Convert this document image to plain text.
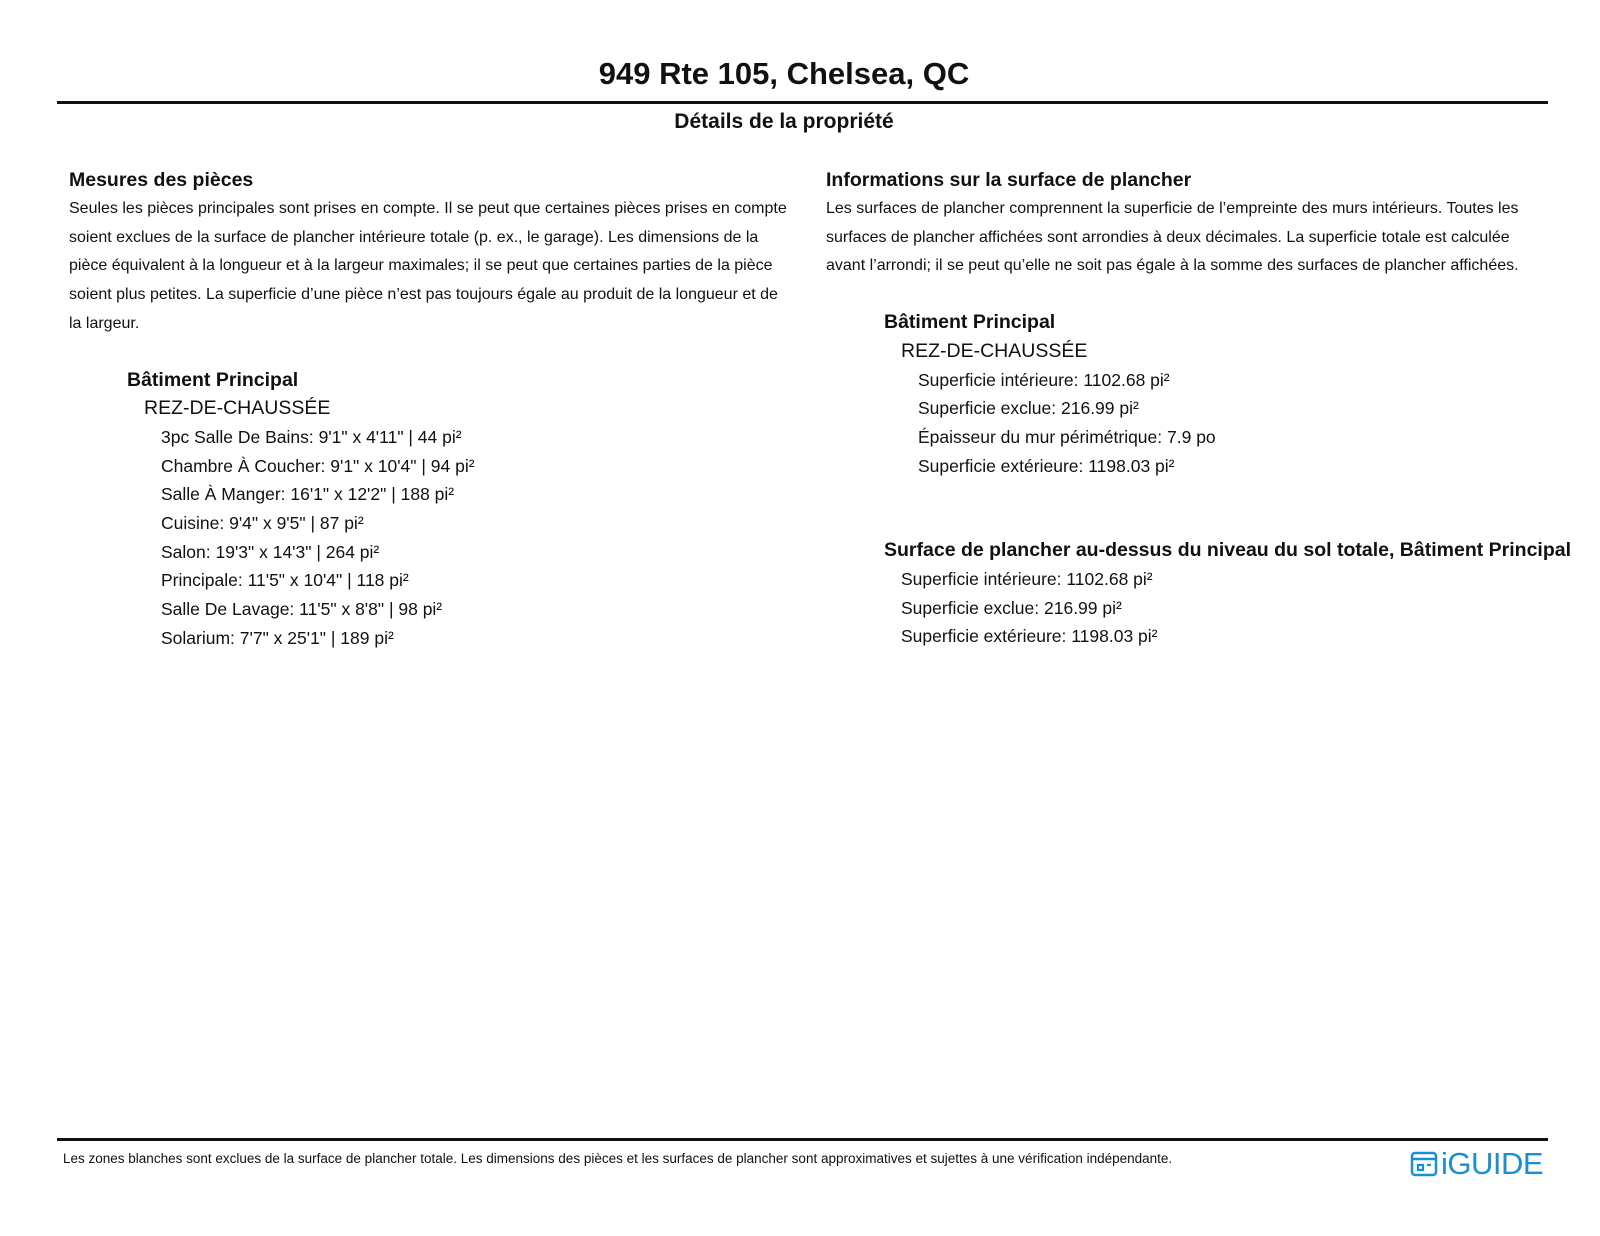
949 Rte 105, Chelsea, QC
Détails de la propriété

Mesures des pièces

Seules les pièces principales sont prises en compte. Il se peut que certaines pièces prises en compte soient exclues de la surface de plancher intérieure totale (p. ex., le garage). Les dimensions de la pièce équivalent à la longueur et à la largeur maximales; il se peut que certaines parties de la pièce soient plus petites. La superficie d’une pièce n’est pas toujours égale au produit de la longueur et de la largeur.

Bâtiment Principal

REZ-DE-CHAUSSÉE

3pc Salle De Bains: 9'1" x 4'11" | 44 pi²

Chambre À Coucher: 9'1" x 10'4" | 94 pi²

Salle À Manger: 16'1" x 12'2" | 188 pi²

Cuisine: 9'4" x 9'5" | 87 pi²

Salon: 19'3" x 14'3" | 264 pi²

Principale: 11'5" x 10'4" | 118 pi²

Salle De Lavage: 11'5" x 8'8" | 98 pi²

Solarium: 7'7" x 25'1" | 189 pi²

Informations sur la surface de plancher

Les surfaces de plancher comprennent la superficie de l’empreinte des murs intérieurs. Toutes les surfaces de plancher affichées sont arrondies à deux décimales. La superficie totale est calculée avant l’arrondi; il se peut qu’elle ne soit pas égale à la somme des surfaces de plancher affichées.

Bâtiment Principal

REZ-DE-CHAUSSÉE

Superficie intérieure: 1102.68 pi²

Superficie exclue: 216.99 pi²

Épaisseur du mur périmétrique: 7.9 po

Superficie extérieure: 1198.03 pi²

Surface de plancher au-dessus du niveau du sol totale, Bâtiment Principal

Superficie intérieure: 1102.68 pi²

Superficie exclue: 216.99 pi²

Superficie extérieure: 1198.03 pi²

Les zones blanches sont exclues de la surface de plancher totale. Les dimensions des pièces et les surfaces de plancher sont approximatives et sujettes à une vérification indépendante.	iGUIDE
